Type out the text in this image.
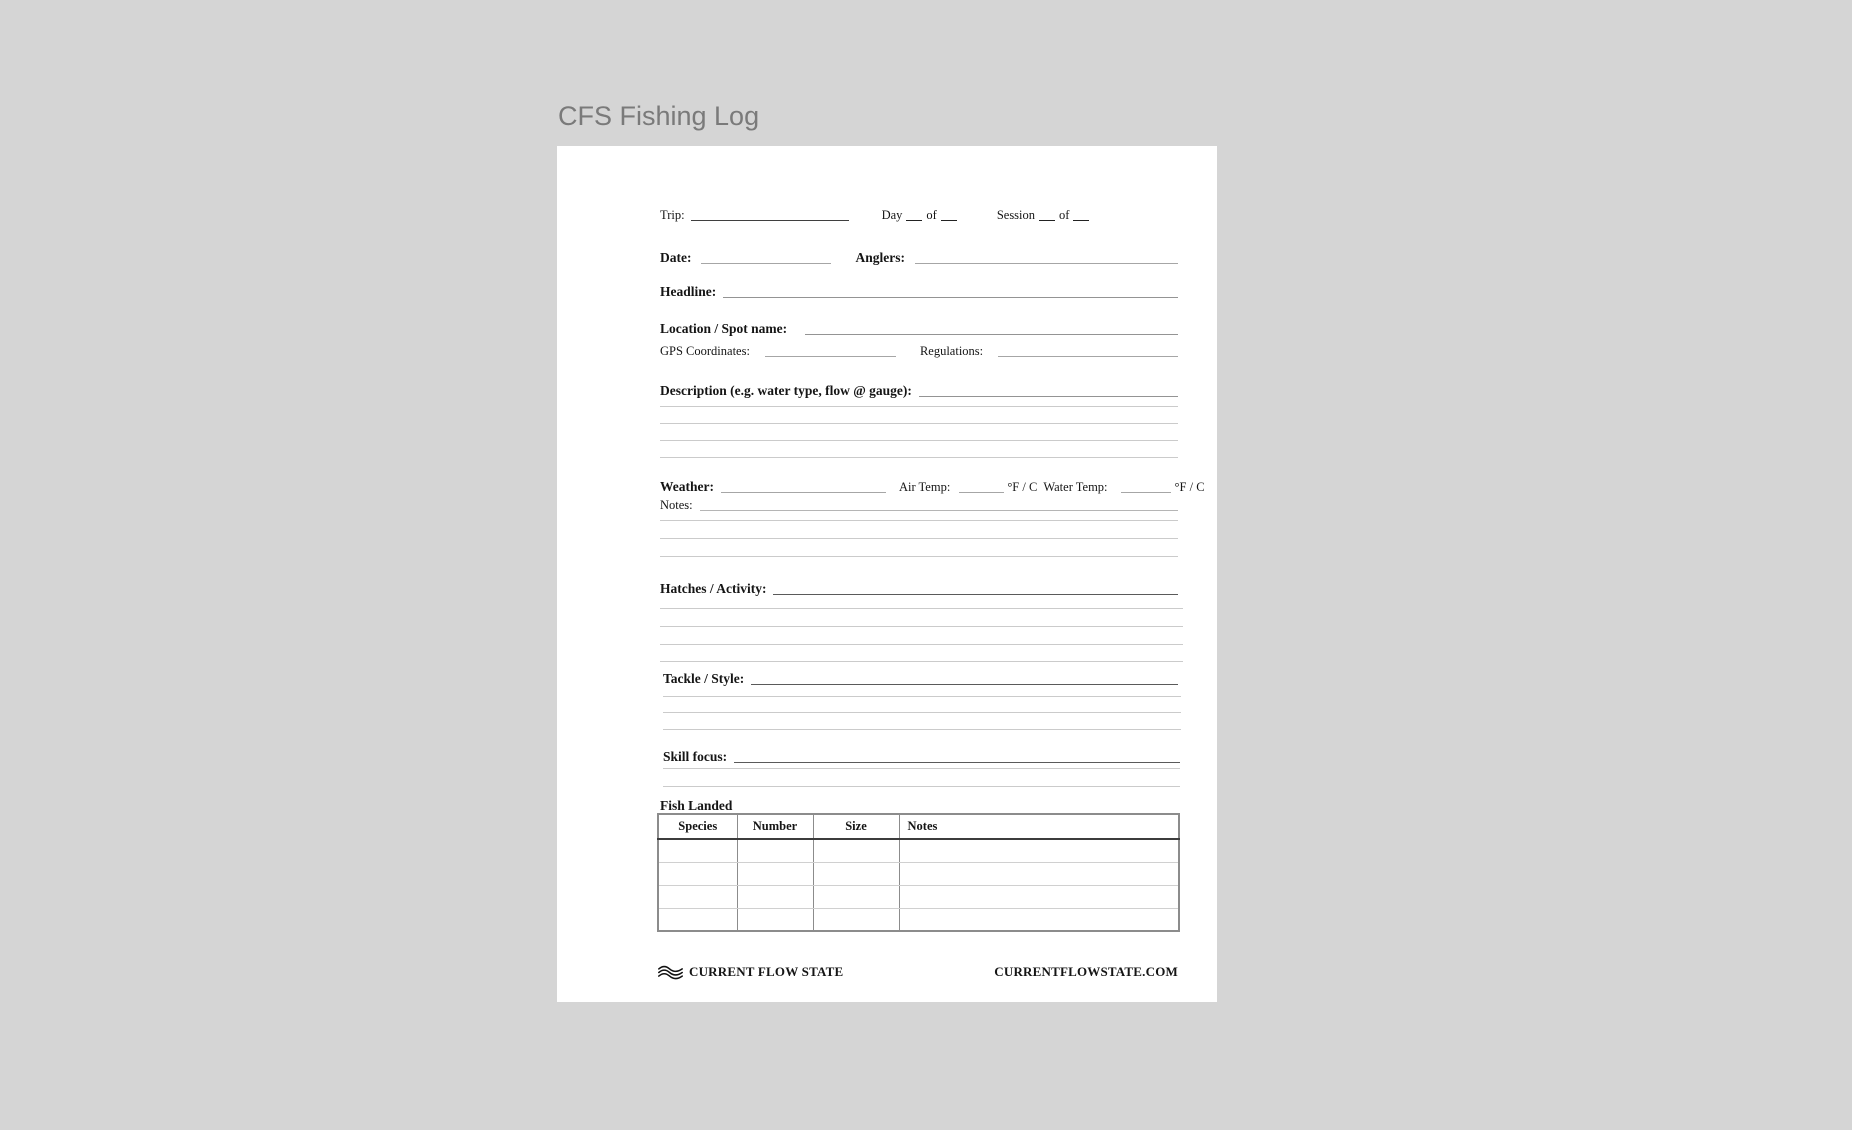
CFS Fishing Log
Trip:	Day of	Session of
Date:	Anglers:
Headline:
Location / Spot name:
GPS Coordinates:	Regulations:
Description (e.g. water type, flow @ gauge):
Weather:	Air Temp:	°F / C Water Temp:	°F / C
Notes:
Hatches / Activity:
Tackle / Style:
Skill focus:
Fish Landed
Species	Number	Size	Notes

CURRENT FLOW STATE	CURRENTFLOWSTATE.COM
